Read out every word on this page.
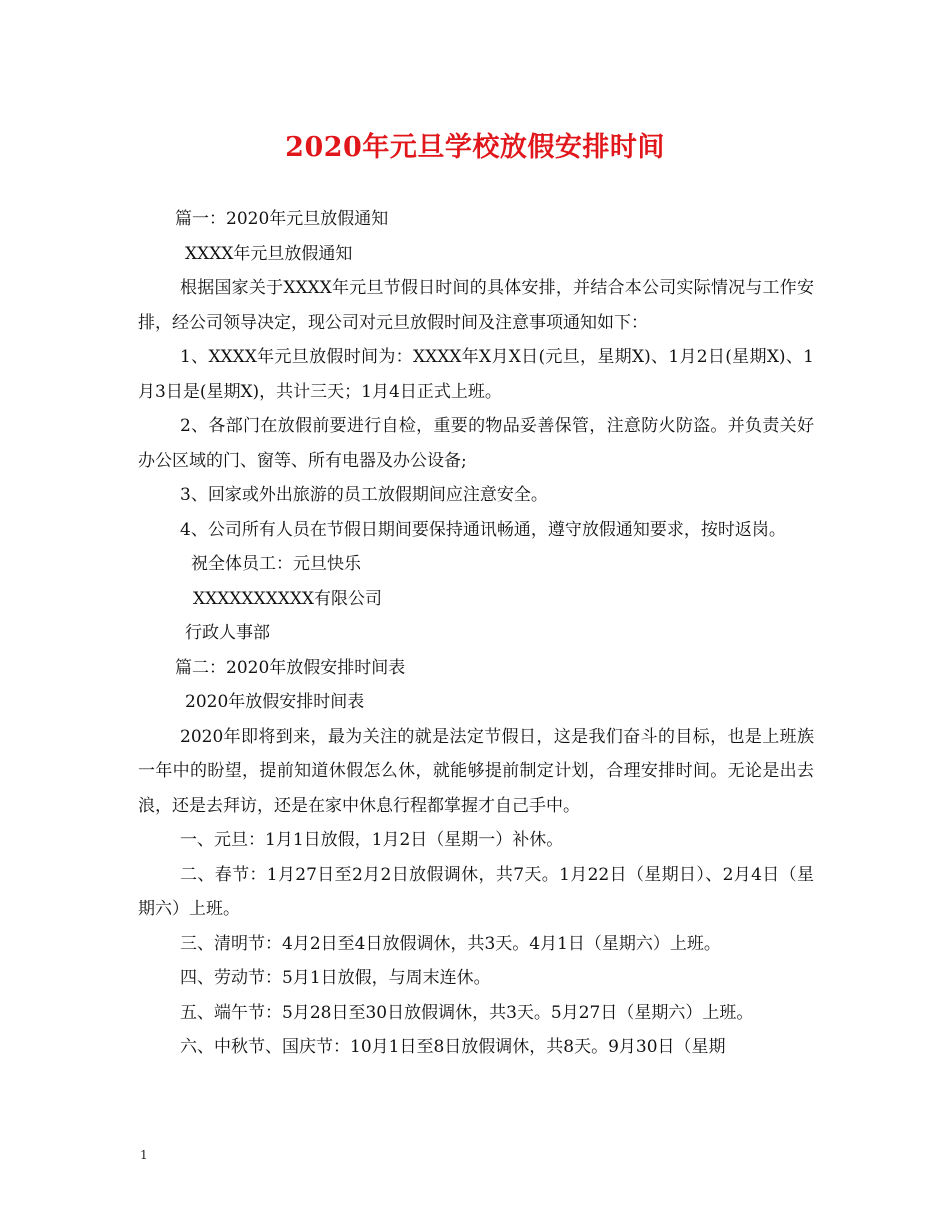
2020年元旦学校放假安排时间

篇一：2020年元旦放假通知

XXXX年元旦放假通知

根据国家关于XXXX年元旦节假日时间的具体安排，并结合本公司实际情况与工作安排，经公司领导决定，现公司对元旦放假时间及注意事项通知如下：

1、XXXX年元旦放假时间为：XXXX年X月X日(元旦，星期X)、1月2日(星期X)、1月3日是(星期X)，共计三天；1月4日正式上班。

2、各部门在放假前要进行自检，重要的物品妥善保管，注意防火防盗。并负责关好办公区域的门、窗等、所有电器及办公设备;

3、回家或外出旅游的员工放假期间应注意安全。

4、公司所有人员在节假日期间要保持通讯畅通，遵守放假通知要求，按时返岗。

祝全体员工：元旦快乐

XXXXXXXXXX有限公司

行政人事部

篇二：2020年放假安排时间表

2020年放假安排时间表

2020年即将到来，最为关注的就是法定节假日，这是我们奋斗的目标，也是上班族一年中的盼望，提前知道休假怎么休，就能够提前制定计划，合理安排时间。无论是出去浪，还是去拜访，还是在家中休息行程都掌握才自己手中。

一、元旦：1月1日放假，1月2日（星期一）补休。

二、春节：1月27日至2月2日放假调休，共7天。1月22日（星期日）、2月4日（星期六）上班。

三、清明节：4月2日至4日放假调休，共3天。4月1日（星期六）上班。

四、劳动节：5月1日放假，与周末连休。

五、端午节：5月28日至30日放假调休，共3天。5月27日（星期六）上班。

六、中秋节、国庆节：10月1日至8日放假调休，共8天。9月30日（星期

1
